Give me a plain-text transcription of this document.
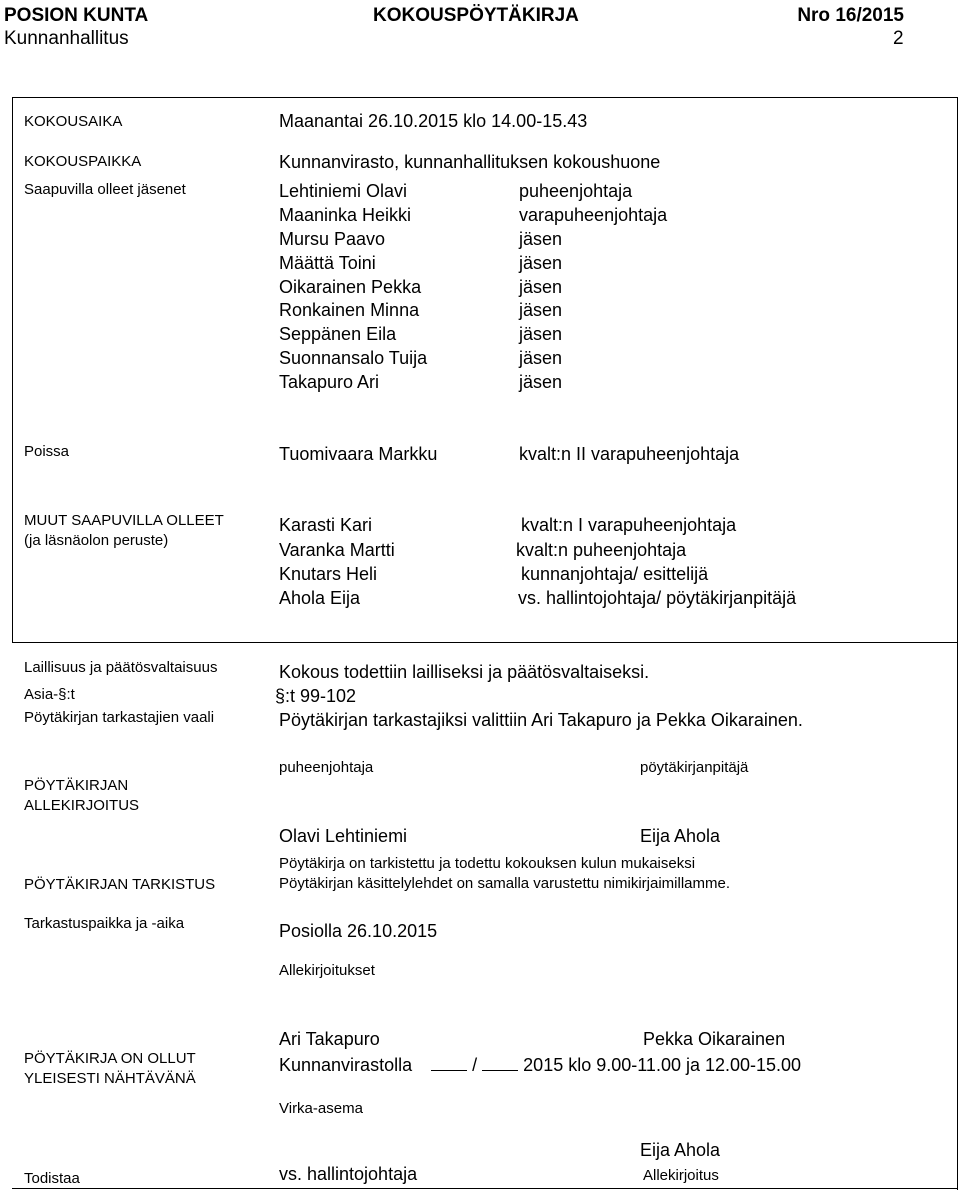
POSION KUNTA	KOKOUSPÖYTÄKIRJA	Nro 16/2015
Kunnanhallitus	2
KOKOUSAIKA	Maanantai 26.10.2015 klo 14.00-15.43
KOKOUSPAIKKA	Kunnanvirasto, kunnanhallituksen kokoushuone
Saapuvilla olleet jäsenet	Lehtiniemi Olavi	puheenjohtaja
Maaninka Heikki	varapuheenjohtaja
Mursu Paavo	jäsen
Määttä Toini	jäsen
Oikarainen Pekka	jäsen
Ronkainen Minna	jäsen
Seppänen Eila	jäsen
Suonnansalo Tuija	jäsen
Takapuro Ari	jäsen
Poissa	Tuomivaara Markku	kvalt:n II varapuheenjohtaja
MUUT SAAPUVILLA OLLEET
(ja läsnäolon peruste)
Karasti Kari	kvalt:n I varapuheenjohtaja
Varanka Martti	kvalt:n puheenjohtaja
Knutars Heli	kunnanjohtaja/ esittelijä
Ahola Eija	vs. hallintojohtaja/ pöytäkirjanpitäjä
Laillisuus ja päätösvaltaisuus	Kokous todettiin lailliseksi ja päätösvaltaiseksi.
Asia-§:t	§:t 99-102
Pöytäkirjan tarkastajien vaali	Pöytäkirjan tarkastajiksi valittiin Ari Takapuro ja Pekka Oikarainen.
PÖYTÄKIRJAN
ALLEKIRJOITUS
puheenjohtaja	pöytäkirjanpitäjä
Olavi Lehtiniemi	Eija Ahola
PÖYTÄKIRJAN TARKISTUS
Pöytäkirja on tarkistettu ja todettu kokouksen kulun mukaiseksi
Pöytäkirjan käsittelylehdet on samalla varustettu nimikirjaimillamme.
Tarkastuspaikka ja -aika	Posiolla 26.10.2015
Allekirjoitukset
Ari Takapuro	Pekka Oikarainen
PÖYTÄKIRJA ON OLLUT
YLEISESTI NÄHTÄVÄNÄ
Kunnanvirastolla	/	2015 klo 9.00-11.00 ja 12.00-15.00
Virka-asema
Eija Ahola
Todistaa	vs. hallintojohtaja	Allekirjoitus
